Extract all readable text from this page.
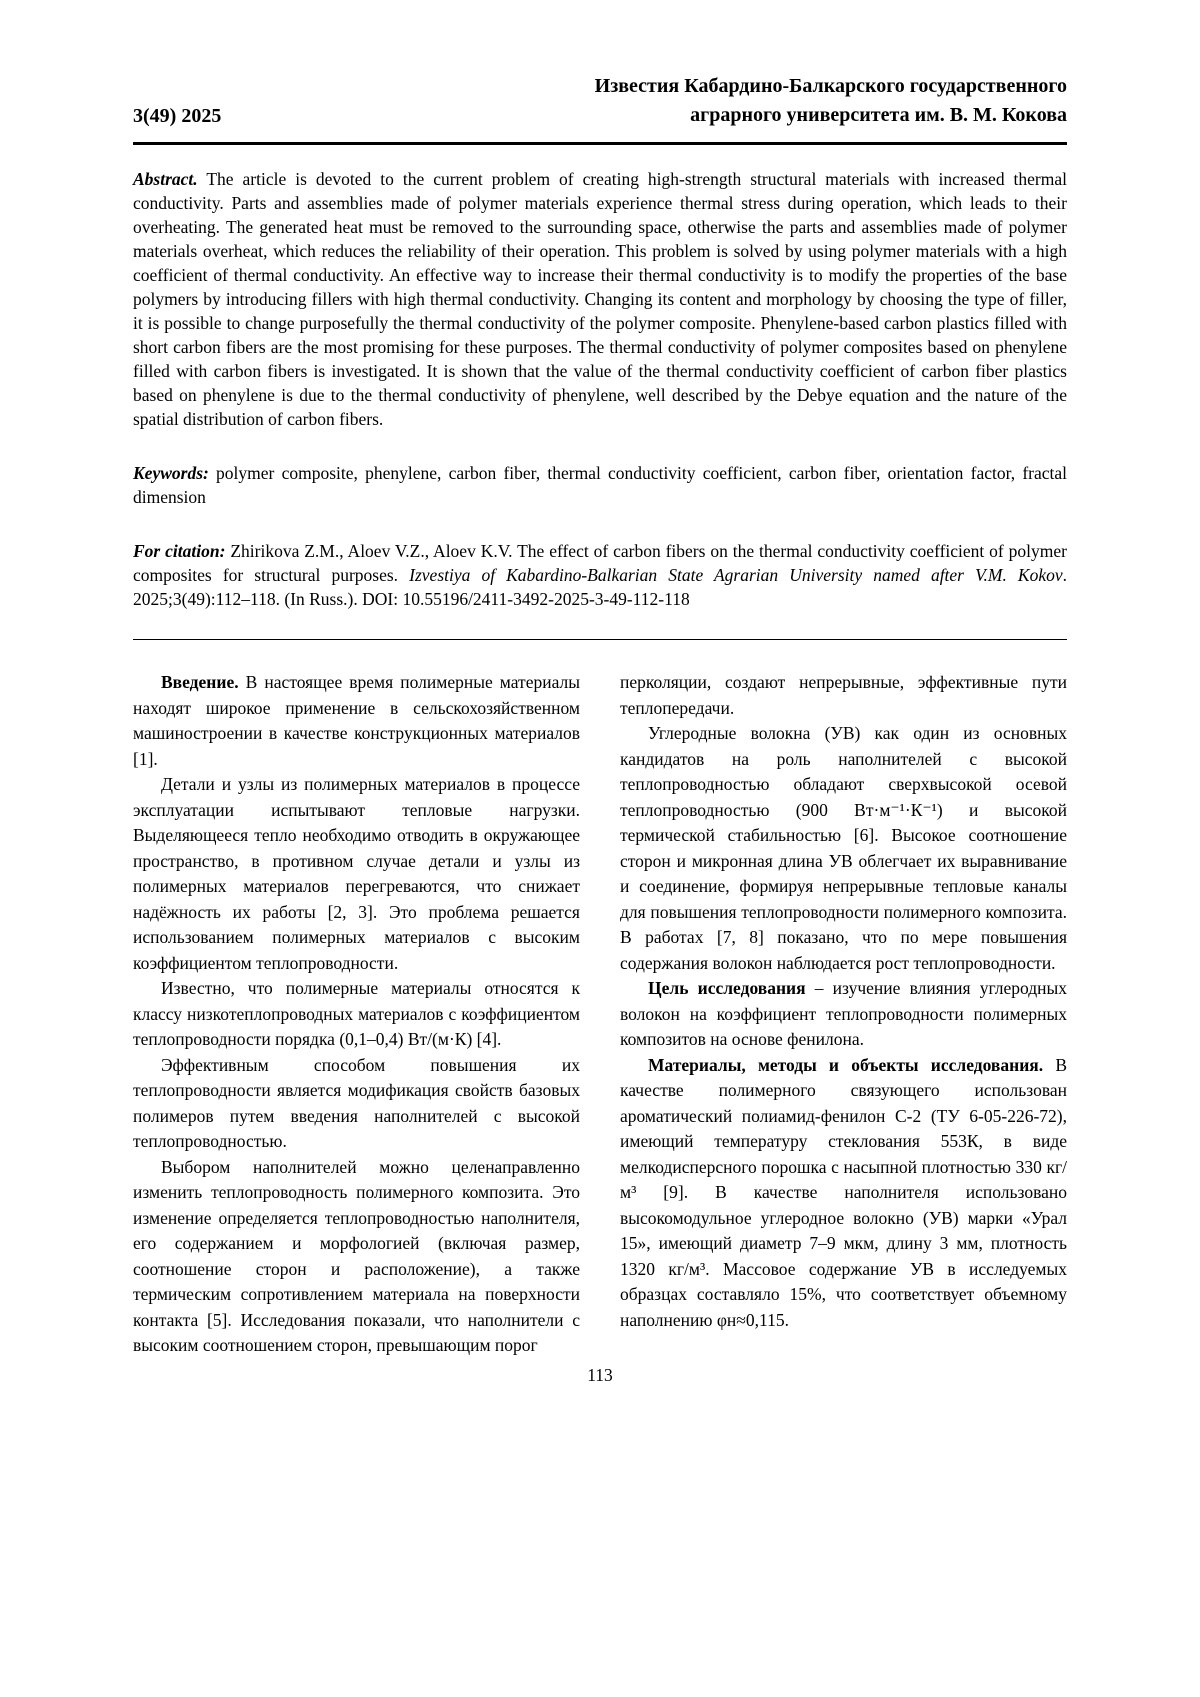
3(49) 2025
Известия Кабардино-Балкарского государственного
аграрного университета им. В. М. Кокова

Abstract. The article is devoted to the current problem of creating high-strength structural materials with increased thermal conductivity. Parts and assemblies made of polymer materials experience thermal stress during operation, which leads to their overheating. The generated heat must be removed to the surrounding space, otherwise the parts and assemblies made of polymer materials overheat, which reduces the reliability of their operation. This problem is solved by using polymer materials with a high coefficient of thermal conductivity. An effective way to increase their thermal conductivity is to modify the properties of the base polymers by introducing fillers with high thermal conductivity. Changing its content and morphology by choosing the type of filler, it is possible to change purposefully the thermal conductivity of the polymer composite. Phenylene-based carbon plastics filled with short carbon fibers are the most promising for these purposes. The thermal conductivity of polymer composites based on phenylene filled with carbon fibers is investigated. It is shown that the value of the thermal conductivity coefficient of carbon fiber plastics based on phenylene is due to the thermal conductivity of phenylene, well described by the Debye equation and the nature of the spatial distribution of carbon fibers.

Keywords: polymer composite, phenylene, carbon fiber, thermal conductivity coefficient, carbon fiber, orientation factor, fractal dimension

For citation: Zhirikova Z.M., Aloev V.Z., Aloev K.V. The effect of carbon fibers on the thermal conductivity coefficient of polymer composites for structural purposes. Izvestiya of Kabardino-Balkarian State Agrarian University named after V.M. Kokov. 2025;3(49):112–118. (In Russ.). DOI: 10.55196/2411-3492-2025-3-49-112-118

Введение. В настоящее время полимерные материалы находят широкое применение в сельскохозяйственном машиностроении в качестве конструкционных материалов [1].

Детали и узлы из полимерных материалов в процессе эксплуатации испытывают тепловые нагрузки. Выделяющееся тепло необходимо отводить в окружающее пространство, в противном случае детали и узлы из полимерных материалов перегреваются, что снижает надёжность их работы [2, 3]. Это проблема решается использованием полимерных материалов с высоким коэффициентом теплопроводности.

Известно, что полимерные материалы относятся к классу низкотеплопроводных материалов с коэффициентом теплопроводности порядка (0,1–0,4) Вт/(м·К) [4].

Эффективным способом повышения их теплопроводности является модификация свойств базовых полимеров путем введения наполнителей с высокой теплопроводностью.

Выбором наполнителей можно целенаправленно изменить теплопроводность полимерного композита. Это изменение определяется теплопроводностью наполнителя, его содержанием и морфологией (включая размер, соотношение сторон и расположение), а также термическим сопротивлением материала на поверхности контакта [5]. Исследования показали, что наполнители с высоким соотношением сторон, превышающим порог

перколяции, создают непрерывные, эффективные пути теплопередачи.

Углеродные волокна (УВ) как один из основных кандидатов на роль наполнителей с высокой теплопроводностью обладают сверхвысокой осевой теплопроводностью (900 Вт·м⁻¹·К⁻¹) и высокой термической стабильностью [6]. Высокое соотношение сторон и микронная длина УВ облегчает их выравнивание и соединение, формируя непрерывные тепловые каналы для повышения теплопроводности полимерного композита. В работах [7, 8] показано, что по мере повышения содержания волокон наблюдается рост теплопроводности.

Цель исследования – изучение влияния углеродных волокон на коэффициент теплопроводности полимерных композитов на основе фенилона.

Материалы, методы и объекты исследования. В качестве полимерного связующего использован ароматический полиамид-фенилон С-2 (ТУ 6-05-226-72), имеющий температуру стеклования 553К, в виде мелкодисперсного порошка с насыпной плотностью 330 кг/м³ [9]. В качестве наполнителя использовано высокомодульное углеродное волокно (УВ) марки «Урал 15», имеющий диаметр 7–9 мкм, длину 3 мм, плотность 1320 кг/м³. Массовое содержание УВ в исследуемых образцах составляло 15%, что соответствует объемному наполнению φн≈0,115.

113
